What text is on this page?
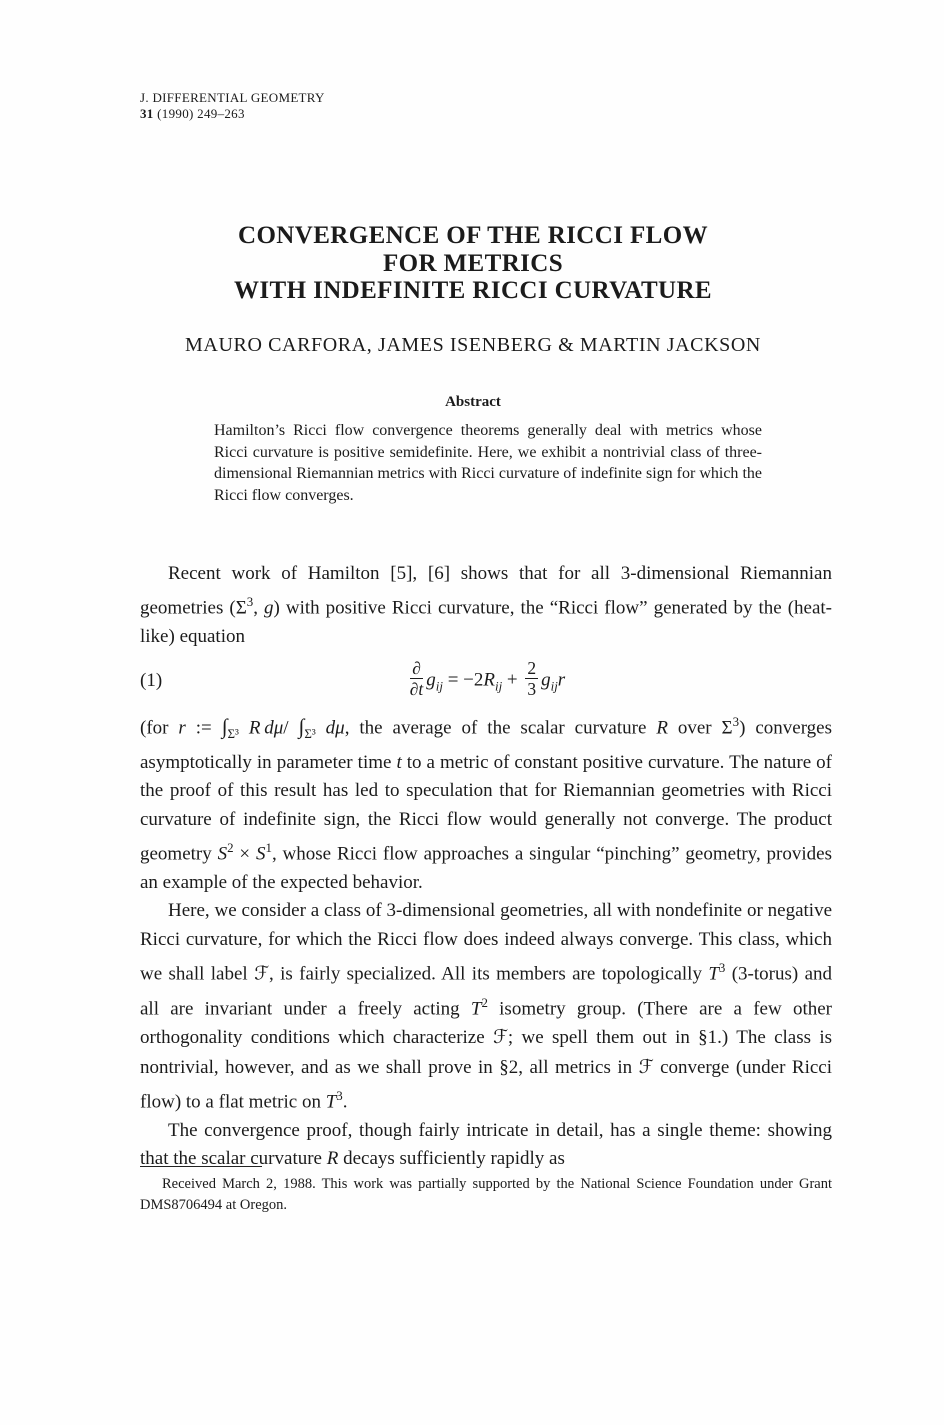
J. DIFFERENTIAL GEOMETRY
31 (1990) 249–263
CONVERGENCE OF THE RICCI FLOW
FOR METRICS
WITH INDEFINITE RICCI CURVATURE
MAURO CARFORA, JAMES ISENBERG & MARTIN JACKSON
Abstract
Hamilton’s Ricci flow convergence theorems generally deal with metrics whose Ricci curvature is positive semidefinite. Here, we exhibit a nontrivial class of three-dimensional Riemannian metrics with Ricci curvature of indefinite sign for which the Ricci flow converges.

Recent work of Hamilton [5], [6] shows that for all 3-dimensional Riemannian geometries ($\Sigma^3$, g) with positive Ricci curvature, the “Ricci flow” generated by the (heat-like) equation

(1)	$\frac{\partial}{\partial t} g_{ij} = -2R_{ij} + \frac{2}{3} g_{ij}r$

(for r := $\int_{\Sigma^3}$ R dμ/ $\int_{\Sigma^3}$ dμ, the average of the scalar curvature R over $\Sigma^3$) converges asymptotically in parameter time t to a metric of constant positive curvature. The nature of the proof of this result has led to speculation that for Riemannian geometries with Ricci curvature of indefinite sign, the Ricci flow would generally not converge. The product geometry $S^2 \times S^1$, whose Ricci flow approaches a singular “pinching” geometry, provides an example of the expected behavior.

Here, we consider a class of 3-dimensional geometries, all with nondefinite or negative Ricci curvature, for which the Ricci flow does indeed always converge. This class, which we shall label ℱ, is fairly specialized. All its members are topologically $T^3$ (3-torus) and all are invariant under a freely acting $T^2$ isometry group. (There are a few other orthogonality conditions which characterize ℱ; we spell them out in §1.) The class is nontrivial, however, and as we shall prove in §2, all metrics in ℱ converge (under Ricci flow) to a flat metric on $T^3$.

The convergence proof, though fairly intricate in detail, has a single theme: showing that the scalar curvature R decays sufficiently rapidly as

Received March 2, 1988. This work was partially supported by the National Science Foundation under Grant DMS8706494 at Oregon.
